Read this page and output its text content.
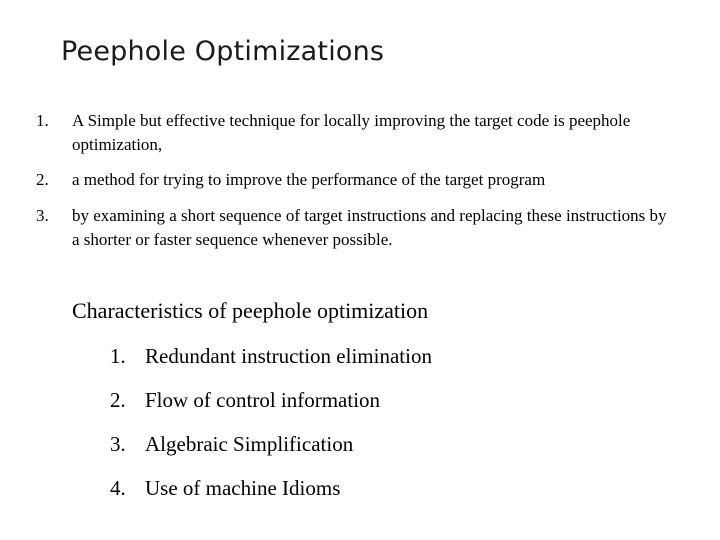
Peephole Optimizations
1. A Simple but effective technique for locally improving the target code is peephole optimization,
2. a method for trying to improve the performance of the target program
3. by examining a short sequence of target instructions and replacing these instructions by a shorter or faster sequence whenever possible.
Characteristics of peephole optimization
1. Redundant instruction elimination
2. Flow of control information
3. Algebraic Simplification
4. Use of machine Idioms
